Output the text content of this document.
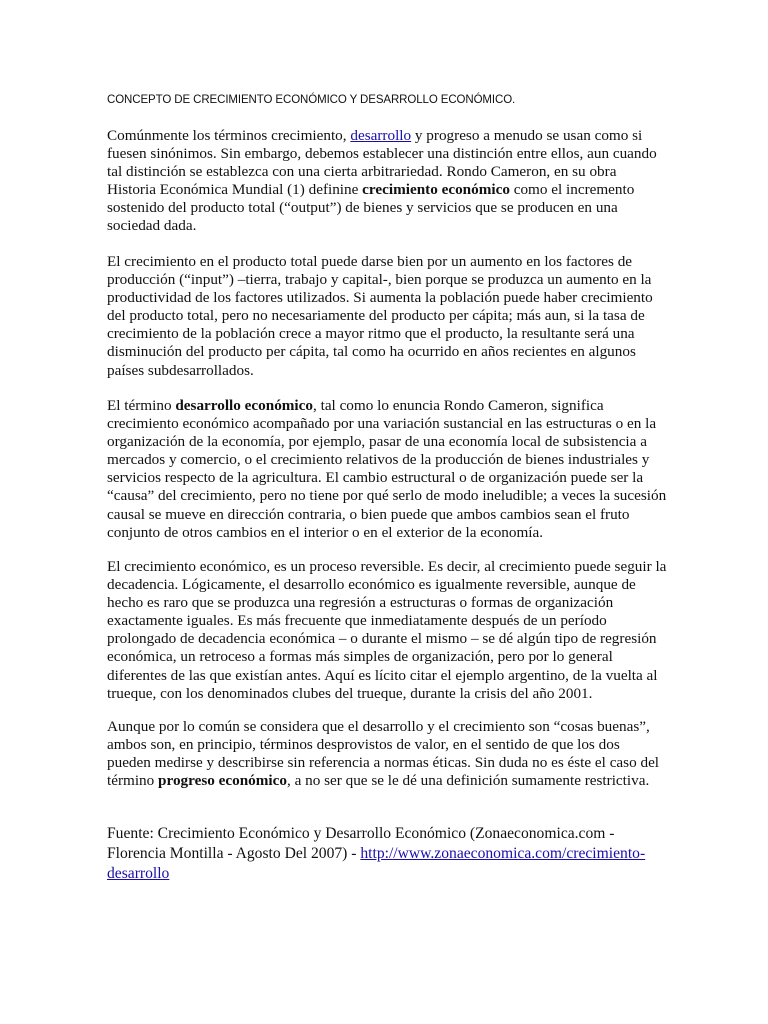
CONCEPTO DE CRECIMIENTO ECONÓMICO Y DESARROLLO ECONÓMICO.

Comúnmente los términos crecimiento, desarrollo y progreso a menudo se usan como si fuesen sinónimos. Sin embargo, debemos establecer una distinción entre ellos, aun cuando tal distinción se establezca con una cierta arbitrariedad. Rondo Cameron, en su obra Historia Económica Mundial (1) definine crecimiento económico como el incremento sostenido del producto total (“output”) de bienes y servicios que se producen en una sociedad dada.

El crecimiento en el producto total puede darse bien por un aumento en los factores de producción (“input”) –tierra, trabajo y capital-, bien porque se produzca un aumento en la productividad de los factores utilizados. Si aumenta la población puede haber crecimiento del producto total, pero no necesariamente del producto per cápita; más aun, si la tasa de crecimiento de la población crece a mayor ritmo que el producto, la resultante será una disminución del producto per cápita, tal como ha ocurrido en años recientes en algunos países subdesarrollados.

El término desarrollo económico, tal como lo enuncia Rondo Cameron, significa crecimiento económico acompañado por una variación sustancial en las estructuras o en la organización de la economía, por ejemplo, pasar de una economía local de subsistencia a mercados y comercio, o el crecimiento relativos de la producción de bienes industriales y servicios respecto de la agricultura. El cambio estructural o de organización puede ser la “causa” del crecimiento, pero no tiene por qué serlo de modo ineludible; a veces la sucesión causal se mueve en dirección contraria, o bien puede que ambos cambios sean el fruto conjunto de otros cambios en el interior o en el exterior de la economía.

El crecimiento económico, es un proceso reversible. Es decir, al crecimiento puede seguir la decadencia. Lógicamente, el desarrollo económico es igualmente reversible, aunque de hecho es raro que se produzca una regresión a estructuras o formas de organización exactamente iguales. Es más frecuente que inmediatamente después de un período prolongado de decadencia económica – o durante el mismo – se dé algún tipo de regresión económica, un retroceso a formas más simples de organización, pero por lo general diferentes de las que existían antes. Aquí es lícito citar el ejemplo argentino, de la vuelta al trueque, con los denominados clubes del trueque, durante la crisis del año 2001.

Aunque por lo común se considera que el desarrollo y el crecimiento son “cosas buenas”, ambos son, en principio, términos desprovistos de valor, en el sentido de que los dos pueden medirse y describirse sin referencia a normas éticas. Sin duda no es éste el caso del término progreso económico, a no ser que se le dé una definición sumamente restrictiva.

Fuente: Crecimiento Económico y Desarrollo Económico (Zonaeconomica.com - Florencia Montilla - Agosto Del 2007) - http://www.zonaeconomica.com/crecimiento-desarrollo
